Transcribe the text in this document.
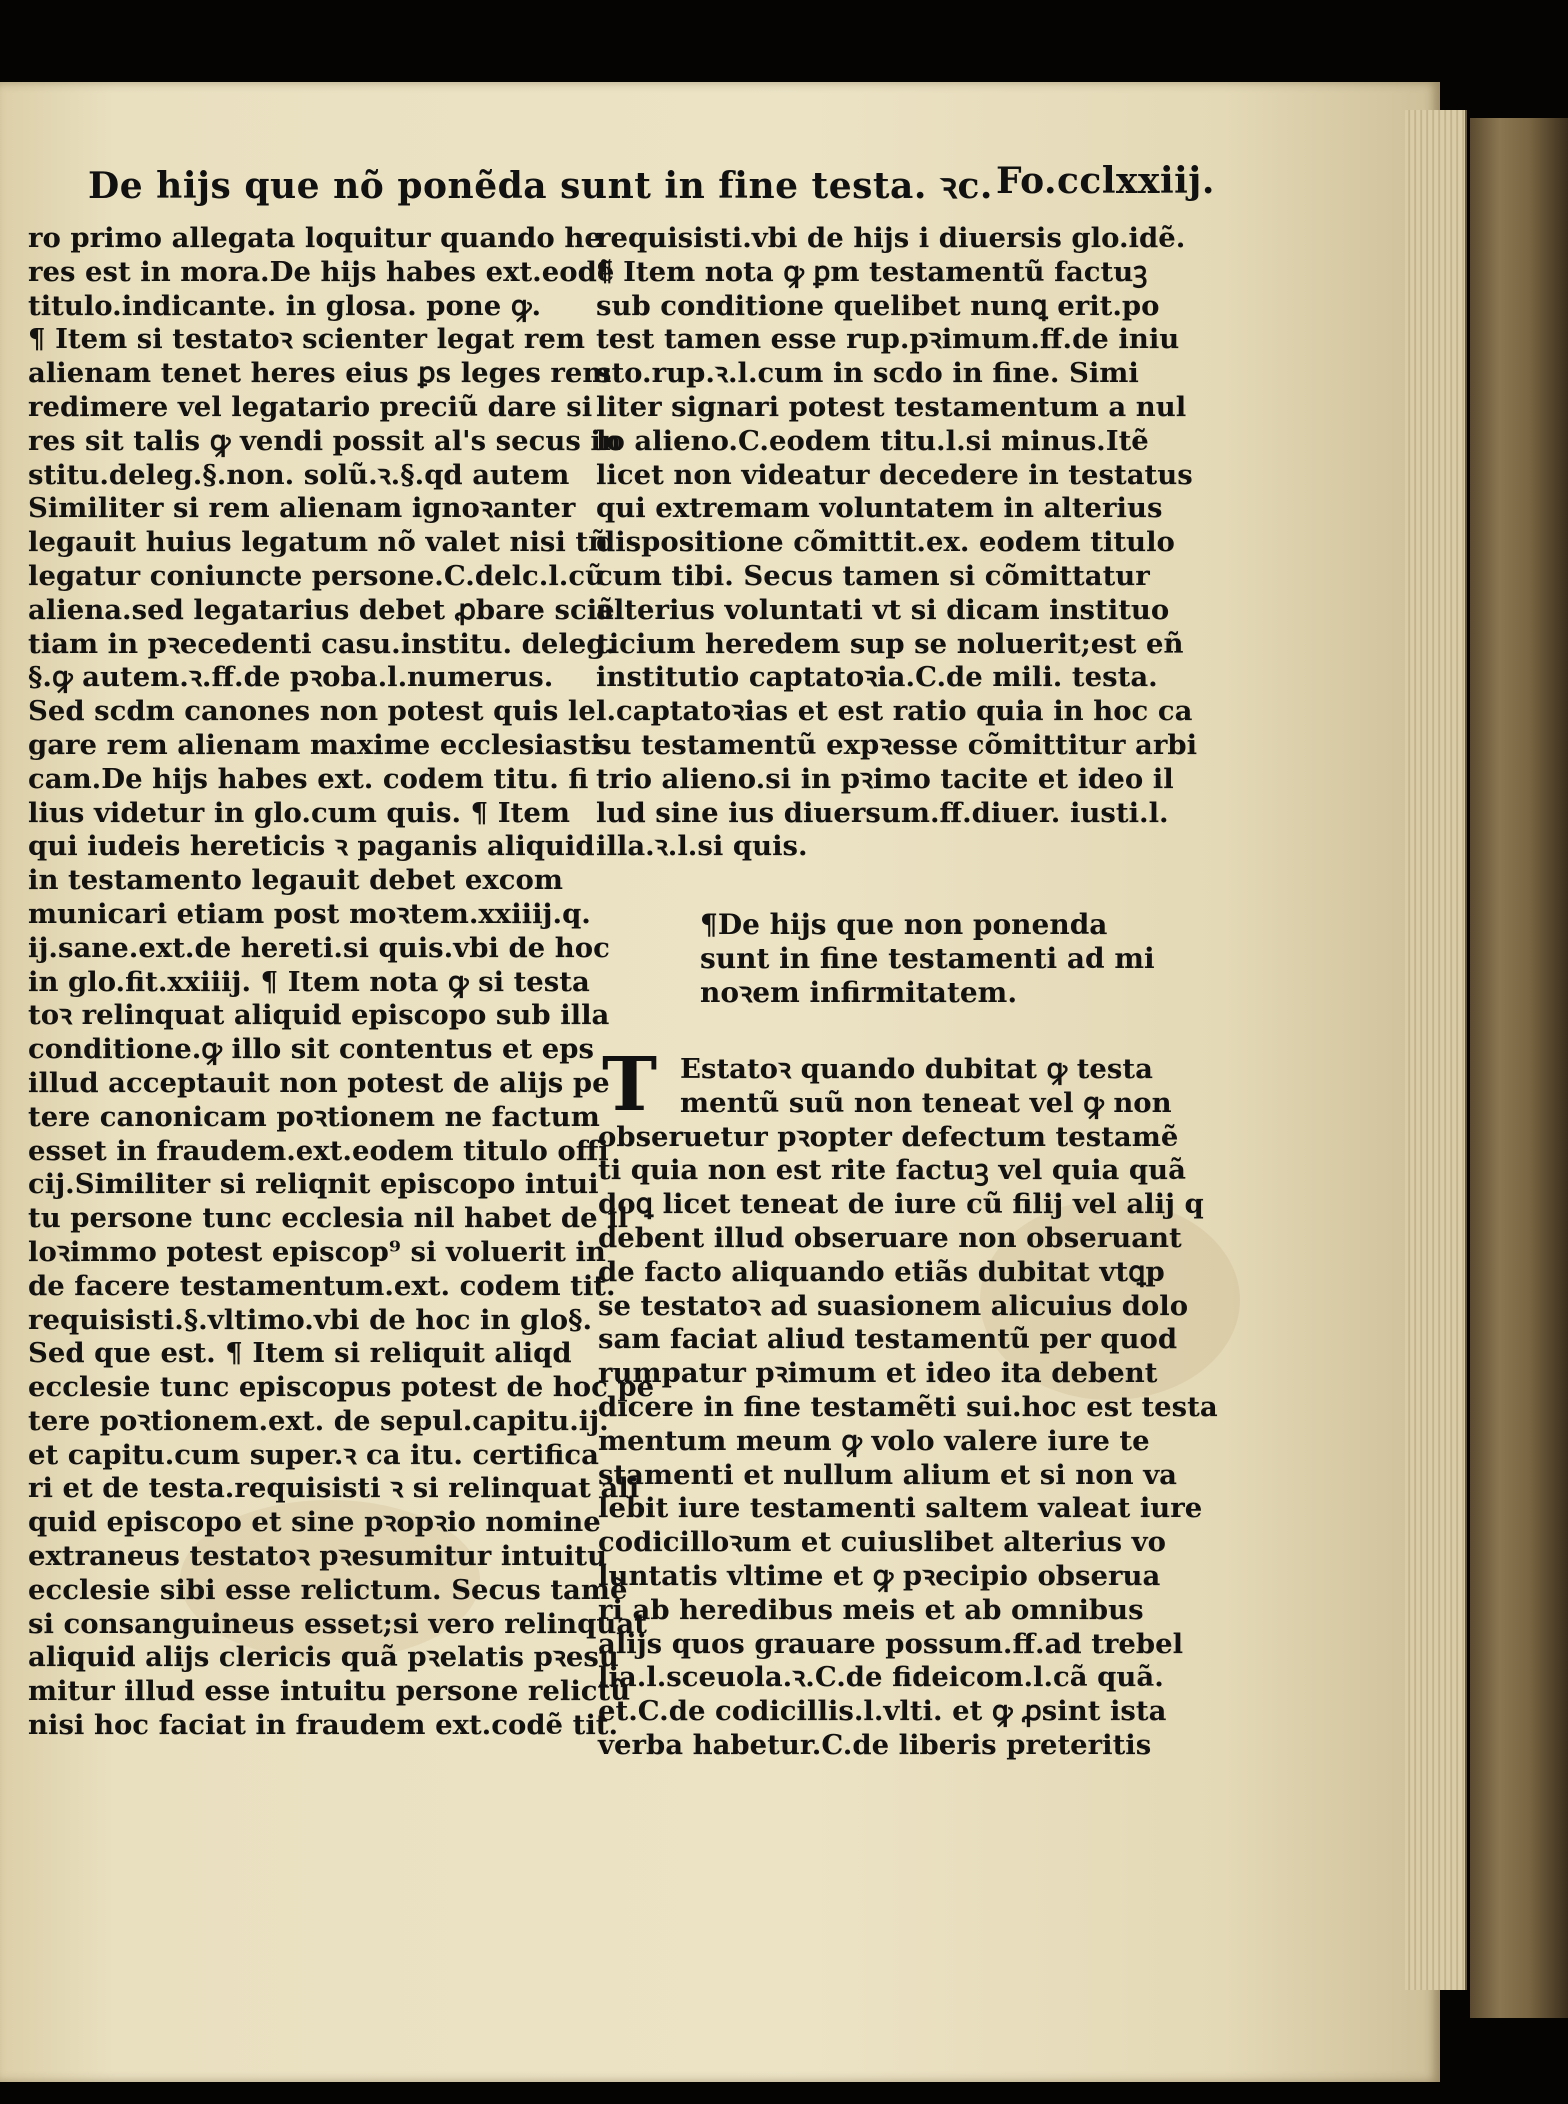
De hijs que nõ ponẽda sunt in fine testa. ꝛc. Fo.cclxxiij.
ro primo allegata loquitur quando he
res est in mora.De hijs habes ext.eodẽ
titulo.indicante. in glosa. pone ꝙ.
¶ Item si testatoꝛ scienter legat rem
alienam tenet heres eius ꝑs leges rem
redimere vel legatario preciũ dare si
res sit talis ꝙ vendi possit al's secus in
stitu.deleg.§.non. solũ.ꝛ.§.qd autem
Similiter si rem alienam ignoꝛanter
legauit huius legatum nõ valet nisi tñ
legatur coniuncte persone.C.delc.l.cũ
aliena.sed legatarius debet ꝓbare sciẽ
tiam in pꝛecedenti casu.institu. deleg.
§.ꝙ autem.ꝛ.ff.de pꝛoba.l.numerus.
Sed scdm canones non potest quis le
gare rem alienam maxime ecclesiasti
cam.De hijs habes ext. codem titu. fi
lius videtur in glo.cum quis. ¶ Item
qui iudeis hereticis ꝛ paganis aliquid
in testamento legauit debet excom
municari etiam post moꝛtem.xxiiij.q.
ij.sane.ext.de hereti.si quis.vbi de hoc
in glo.fit.xxiiij. ¶ Item nota ꝙ si testa
toꝛ relinquat aliquid episcopo sub illa
conditione.ꝙ illo sit contentus et eps
illud acceptauit non potest de alijs pe
tere canonicam poꝛtionem ne factum
esset in fraudem.ext.eodem titulo offi
cij.Similiter si reliqnit episcopo intui
tu persone tunc ecclesia nil habet de il
loꝛimmo potest episcop⁹ si voluerit in
de facere testamentum.ext. codem tit.
requisisti.§.vltimo.vbi de hoc in glo§.
Sed que est. ¶ Item si reliquit aliqd
ecclesie tunc episcopus potest de hoc pe
tere poꝛtionem.ext. de sepul.capitu.ij.
et capitu.cum super.ꝛ ca itu. certifica
ri et de testa.requisisti ꝛ si relinquat ali
quid episcopo et sine pꝛopꝛio nomine
extraneus testatoꝛ pꝛesumitur intuitu
ecclesie sibi esse relictum. Secus tamẽ
si consanguineus esset;si vero relinquat
aliquid alijs clericis quã pꝛelatis pꝛesu
mitur illud esse intuitu persone relictũ
nisi hoc faciat in fraudem ext.codẽ tit.
requisisti.vbi de hijs i diuersis glo.idẽ.
¶ Item nota ꝙ ꝑm testamentũ factuꝫ
sub conditione quelibet nunꝗ erit.po
test tamen esse rup.pꝛimum.ff.de iniu
sto.rup.ꝛ.l.cum in scdo in fine. Simi
liter signari potest testamentum a nul
lo alieno.C.eodem titu.l.si minus.Itẽ
licet non videatur decedere in testatus
qui extremam voluntatem in alterius
dispositione cõmittit.ex. eodem titulo
cum tibi. Secus tamen si cõmittatur
alterius voluntati vt si dicam instituo
ticium heredem sup se noluerit;est eñ
institutio captatoꝛia.C.de mili. testa.
l.captatoꝛias et est ratio quia in hoc ca
su testamentũ expꝛesse cõmittitur arbi
trio alieno.si in pꝛimo tacite et ideo il
lud sine ius diuersum.ff.diuer. iusti.l.
illa.ꝛ.l.si quis.
¶De hijs que non ponenda
sunt in fine testamenti ad mi
noꝛem infirmitatem.
T Estatoꝛ quando dubitat ꝙ testa
mentũ suũ non teneat vel ꝙ non
obseruetur pꝛopter defectum testamẽ
ti quia non est rite factuꝫ vel quia quã
doꝗ licet teneat de iure cũ filij vel alij q
debent illud obseruare non obseruant
de facto aliquando etiãs dubitat vtꝗp
se testatoꝛ ad suasionem alicuius dolo
sam faciat aliud testamentũ per quod
rumpatur pꝛimum et ideo ita debent
dicere in fine testamẽti sui.hoc est testa
mentum meum ꝙ volo valere iure te
stamenti et nullum alium et si non va
lebit iure testamenti saltem valeat iure
codicilloꝛum et cuiuslibet alterius vo
luntatis vltime et ꝙ pꝛecipio obserua
ri ab heredibus meis et ab omnibus
alijs quos grauare possum.ff.ad trebel
lia.l.sceuola.ꝛ.C.de fideicom.l.cã quã.
et.C.de codicillis.l.vlti. et ꝙ ꝓsint ista
verba habetur.C.de liberis preteritis
